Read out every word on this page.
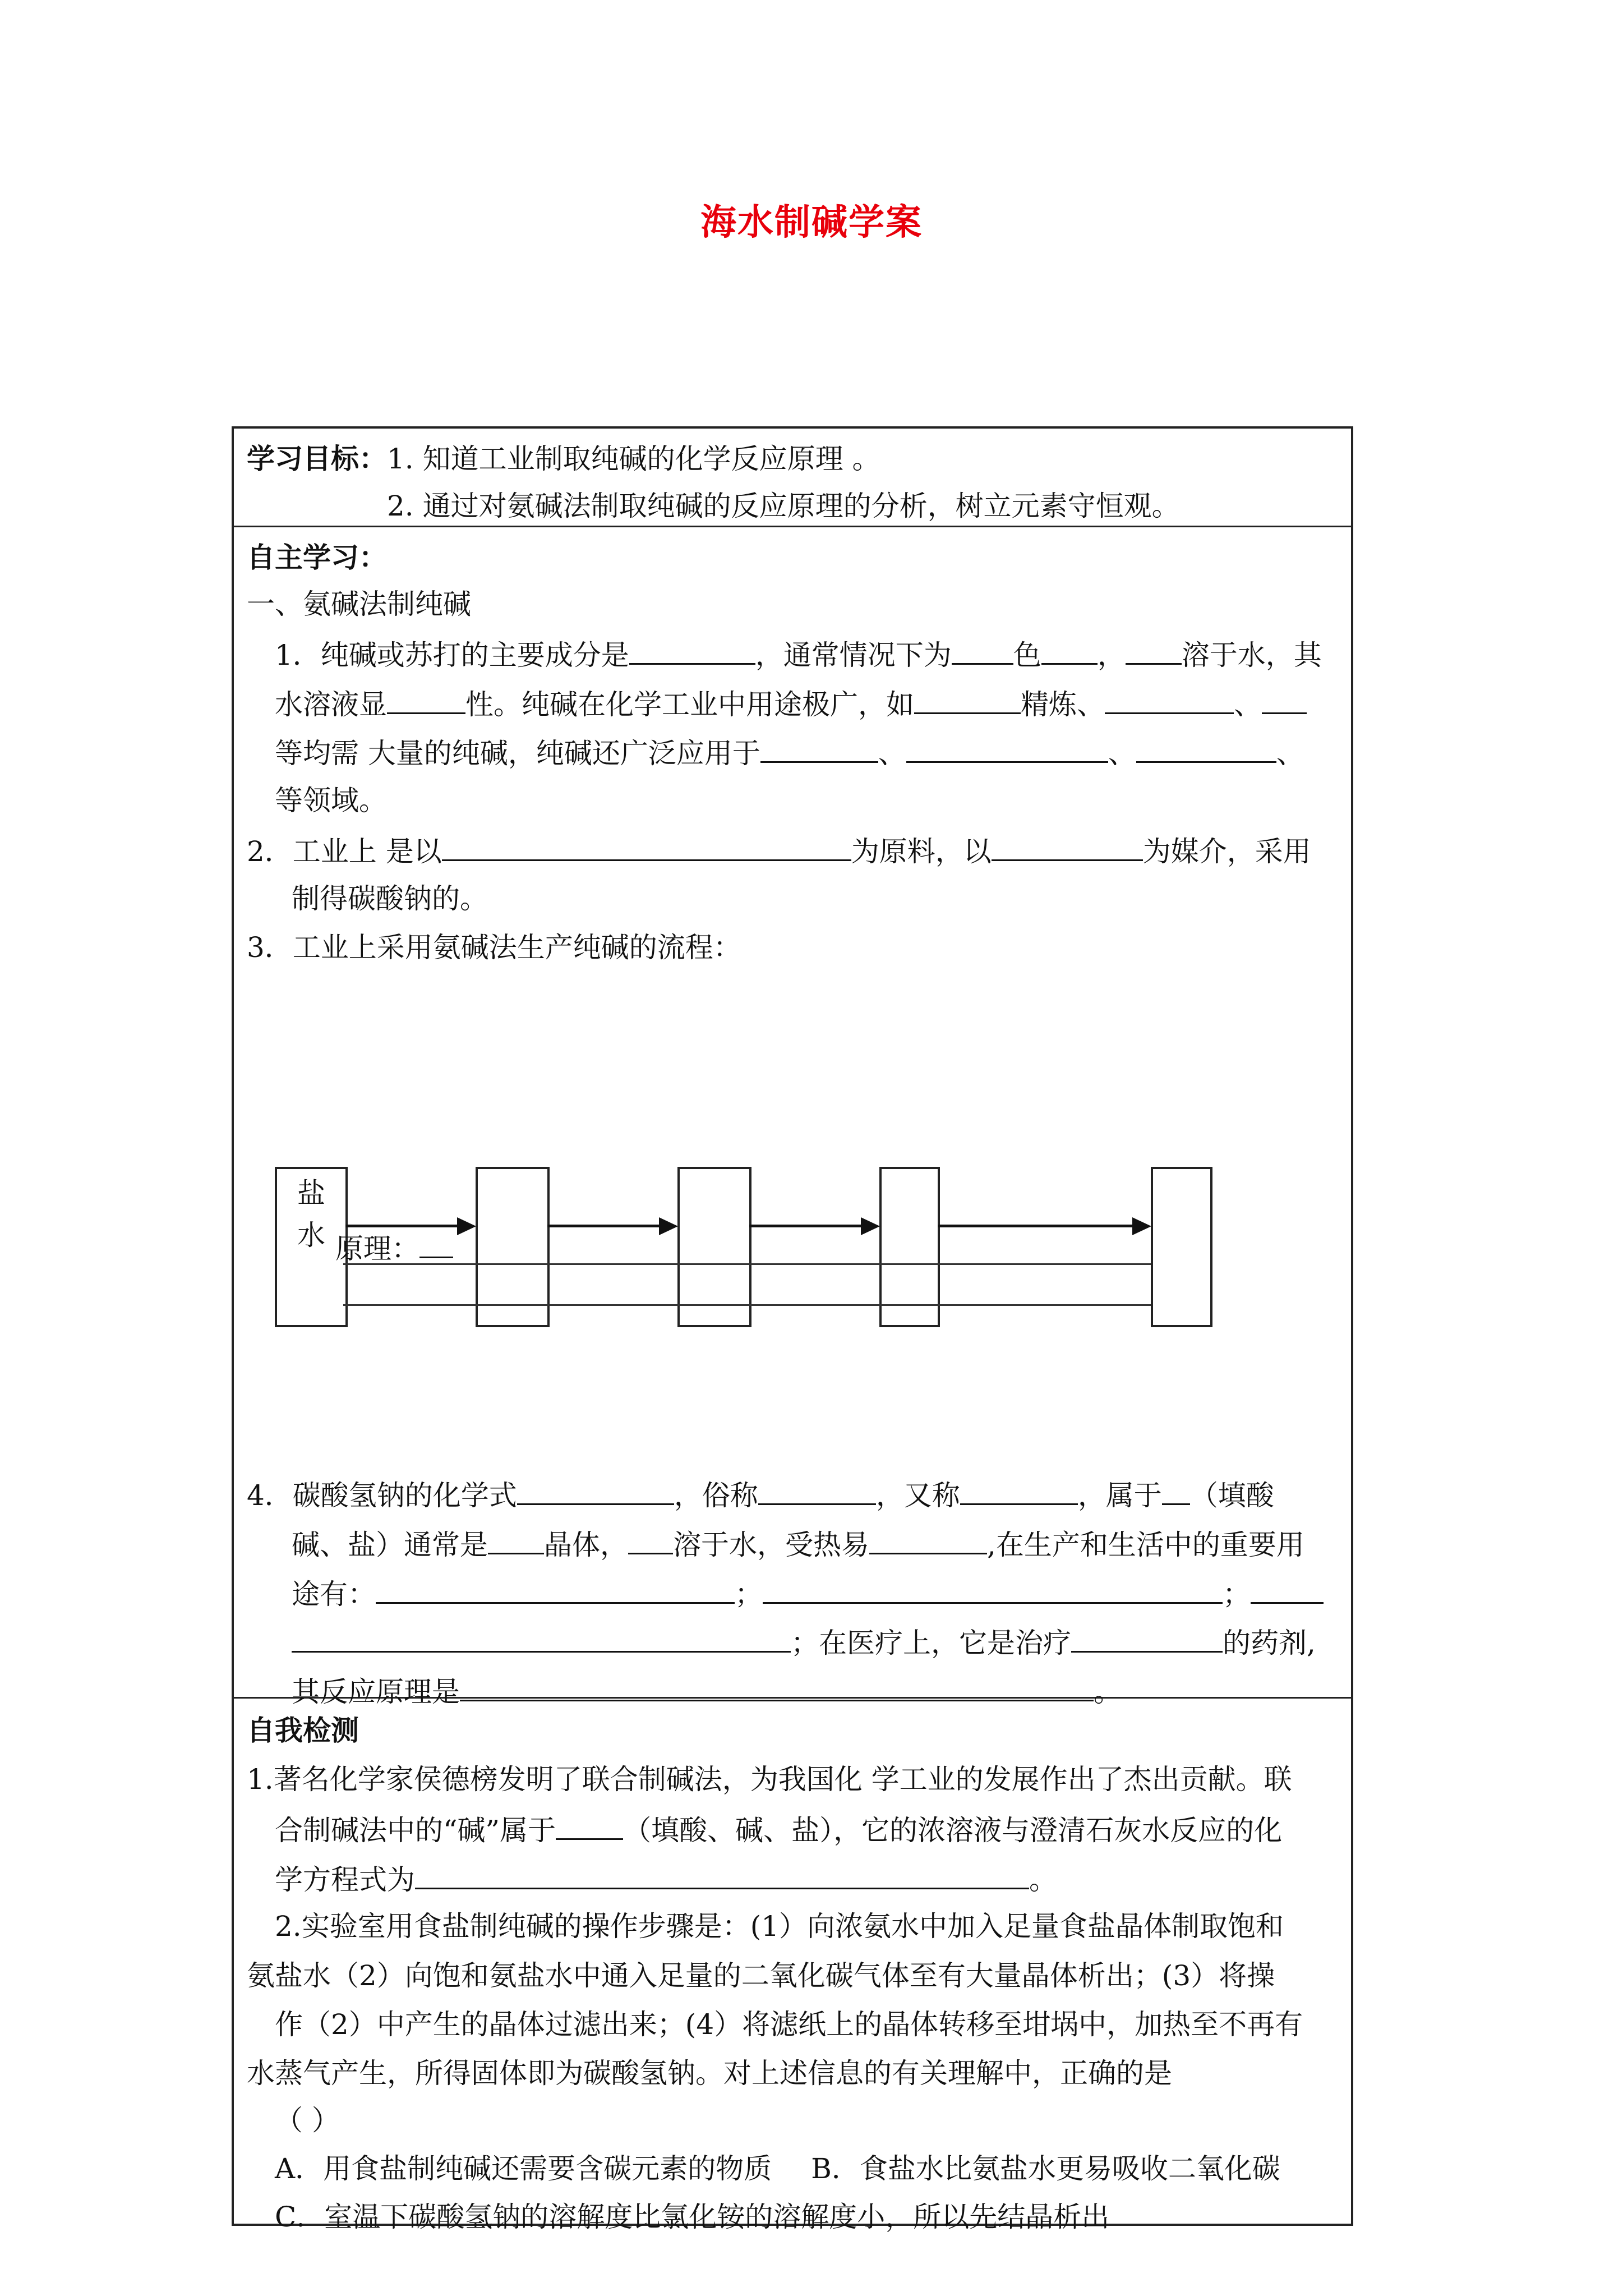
海水制碱学案
学习目标：1. 知道工业制取纯碱的化学反应原理 。
2. 通过对氨碱法制取纯碱的反应原理的分析，树立元素守恒观。
自主学习：
一、氨碱法制纯碱
1．纯碱或苏打的主要成分是	，通常情况下为 色 ， 溶于水，其
水溶液显	性。纯碱在化学工业中用途极广，如	精炼、	、
等均需 大量的纯碱，纯碱还广泛应用于	、	、	、
等领域。
2．工业上 是以	为原料，以	为媒介，采用
制得碳酸钠的。
3．工业上采用氨碱法生产纯碱的流程：
盐
水 原理：
4．碳酸氢钠的化学式	，俗称	，又称	，属于 （填酸
碱、盐）通常是 晶体， 溶于水，受热易	,在生产和生活中的重要用
途有：	；	；
；在医疗上，它是治疗	的药剂,
其反应原理是	。
自我检测
1.著名化学家侯德榜发明了联合制碱法，为我国化 学工业的发展作出了杰出贡献。联
合制碱法中的“碱”属于 （填酸、碱、盐），它的浓溶液与澄清石灰水反应的化
学方程式为	。
2.实验室用食盐制纯碱的操作步骤是：(1）向浓氨水中加入足量食盐晶体制取饱和
氨盐水（2）向饱和氨盐水中通入足量的二氧化碳气体至有大量晶体析出；(3）将操
作（2）中产生的晶体过滤出来；(4）将滤纸上的晶体转移至坩埚中，加热至不再有
水蒸气产生，所得固体即为碳酸氢钠。对上述信息的有关理解中，正确的是
（ ）
A．用食盐制纯碱还需要含碳元素的物质 B．食盐水比氨盐水更易吸收二氧化碳
C．室温下碳酸氢钠的溶解度比氯化铵的溶解度小，所以先结晶析出
